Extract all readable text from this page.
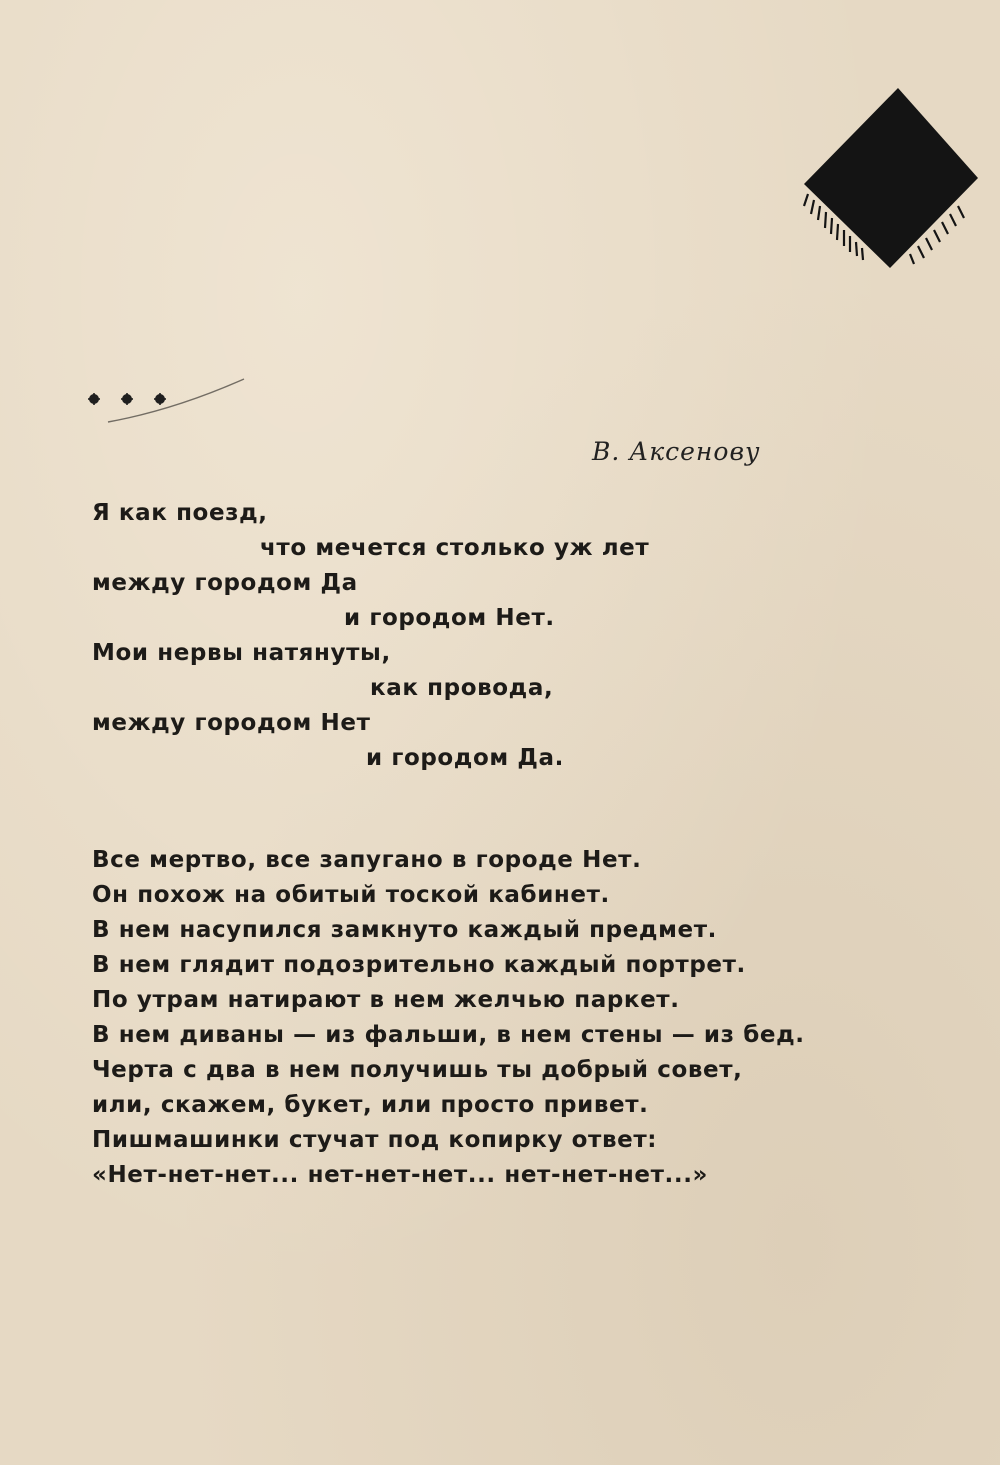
В. Аксенову
Я как поезд,
что мечется столько уж лет
между городом Да
и городом Нет.
Мои нервы натянуты,
как провода,
между городом Нет
и городом Да.
Все мертво, все запугано в городе Нет.
Он похож на обитый тоской кабинет.
В нем насупился замкнуто каждый предмет.
В нем глядит подозрительно каждый портрет.
По утрам натирают в нем желчью паркет.
В нем диваны — из фальши, в нем стены — из бед.
Черта с два в нем получишь ты добрый совет,
или, скажем, букет, или просто привет.
Пишмашинки стучат под копирку ответ:
«Нет-нет-нет... нет-нет-нет... нет-нет-нет...»
